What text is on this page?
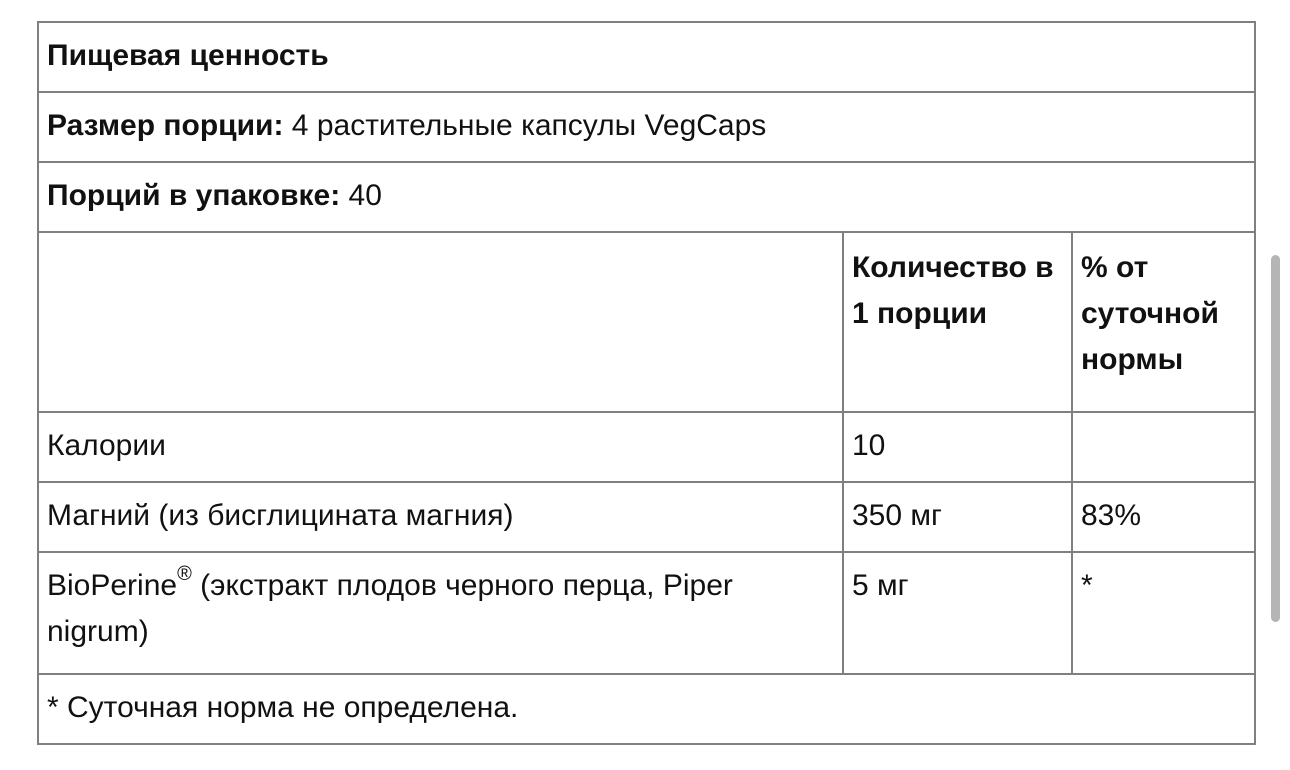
Пищевая ценность		
Размер порции: 4 растительные капсулы VegCaps		
Порций в упаковке: 40		
	Количество в 1 порции	% от суточной нормы
Калории	10	
Магний (из бисглицината магния)	350 мг	83%
BioPerine® (экстракт плодов черного перца, Piper nigrum)	5 мг	*
* Суточная норма не определена.		
